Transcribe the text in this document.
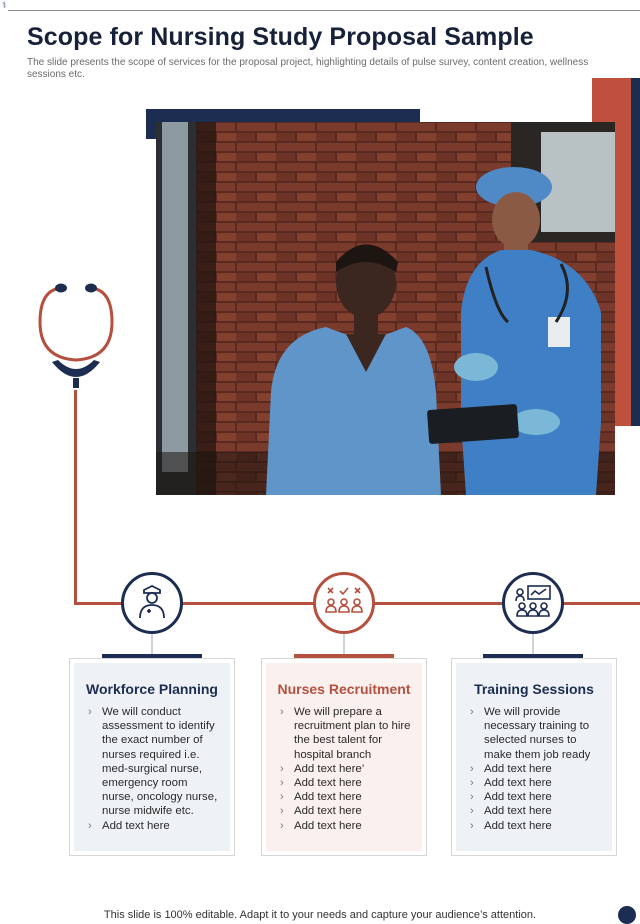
⚕
Scope for Nursing Study Proposal Sample
The slide presents the scope of services for the proposal project, highlighting details of pulse survey, content creation, wellness sessions etc.
Workforce Planning
› We will conduct assessment to identify the exact number of nurses required i.e. med-surgical nurse, emergency room nurse, oncology nurse, nurse midwife etc.
› Add text here
Nurses Recruitment
› We will prepare a recruitment plan to hire the best talent for hospital branch
› Add text here’
› Add text here
› Add text here
› Add text here
› Add text here
Training Sessions
› We will provide necessary training to selected nurses to make them job ready
› Add text here
› Add text here
› Add text here
› Add text here
› Add text here
This slide is 100% editable. Adapt it to your needs and capture your audience’s attention.
